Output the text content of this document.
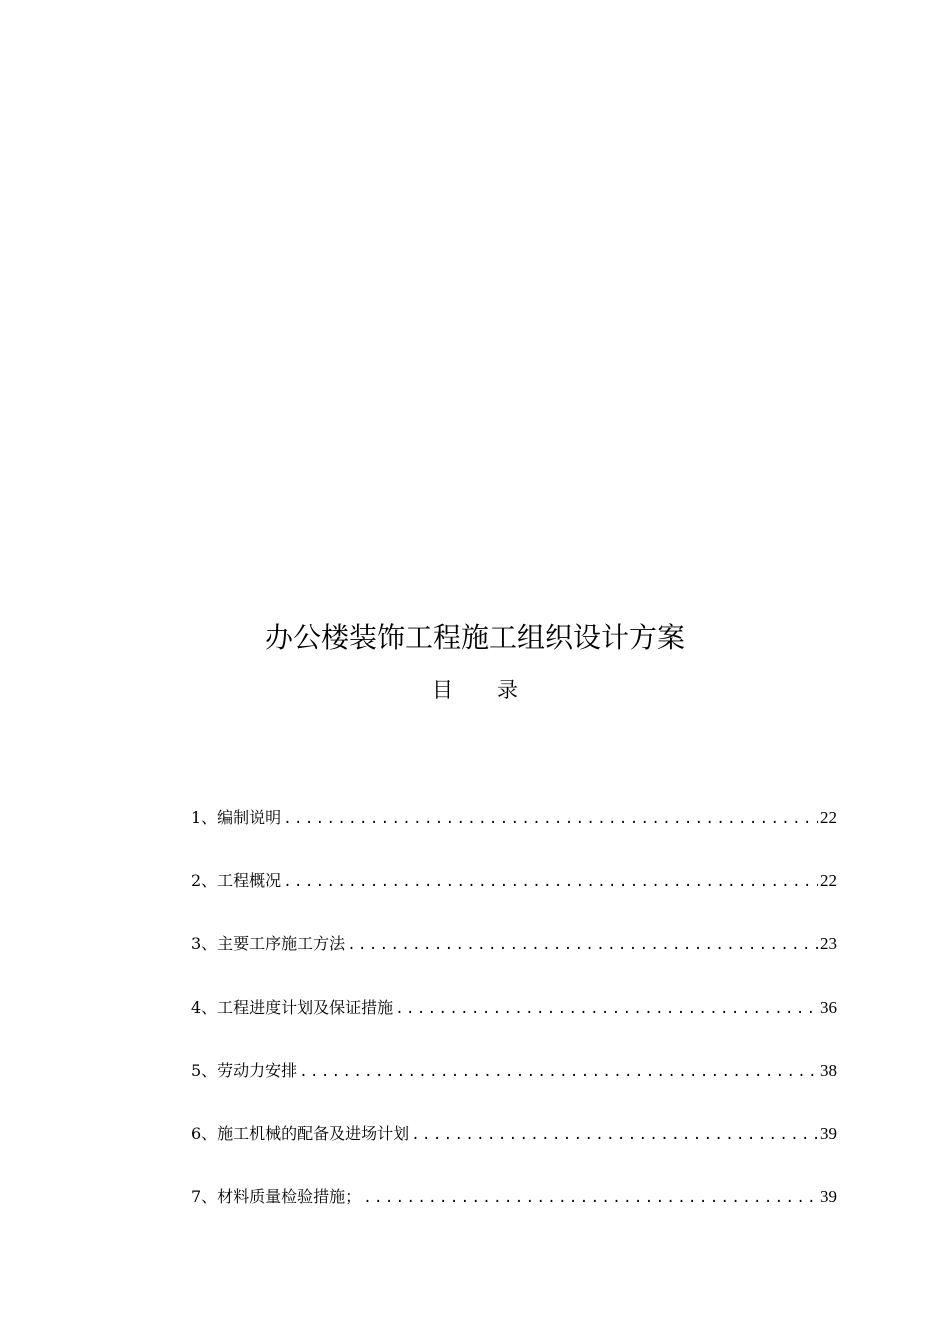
办公楼装饰工程施工组织设计方案
目 录
1、编制说明 .....	22
2、工程概况 .....	22
3、主要工序施工方法 .....	23
4、工程进度计划及保证措施 .....	36
5、劳动力安排 .....	38
6、施工机械的配备及进场计划 .....	39
7、材料质量检验措施； .....	39
